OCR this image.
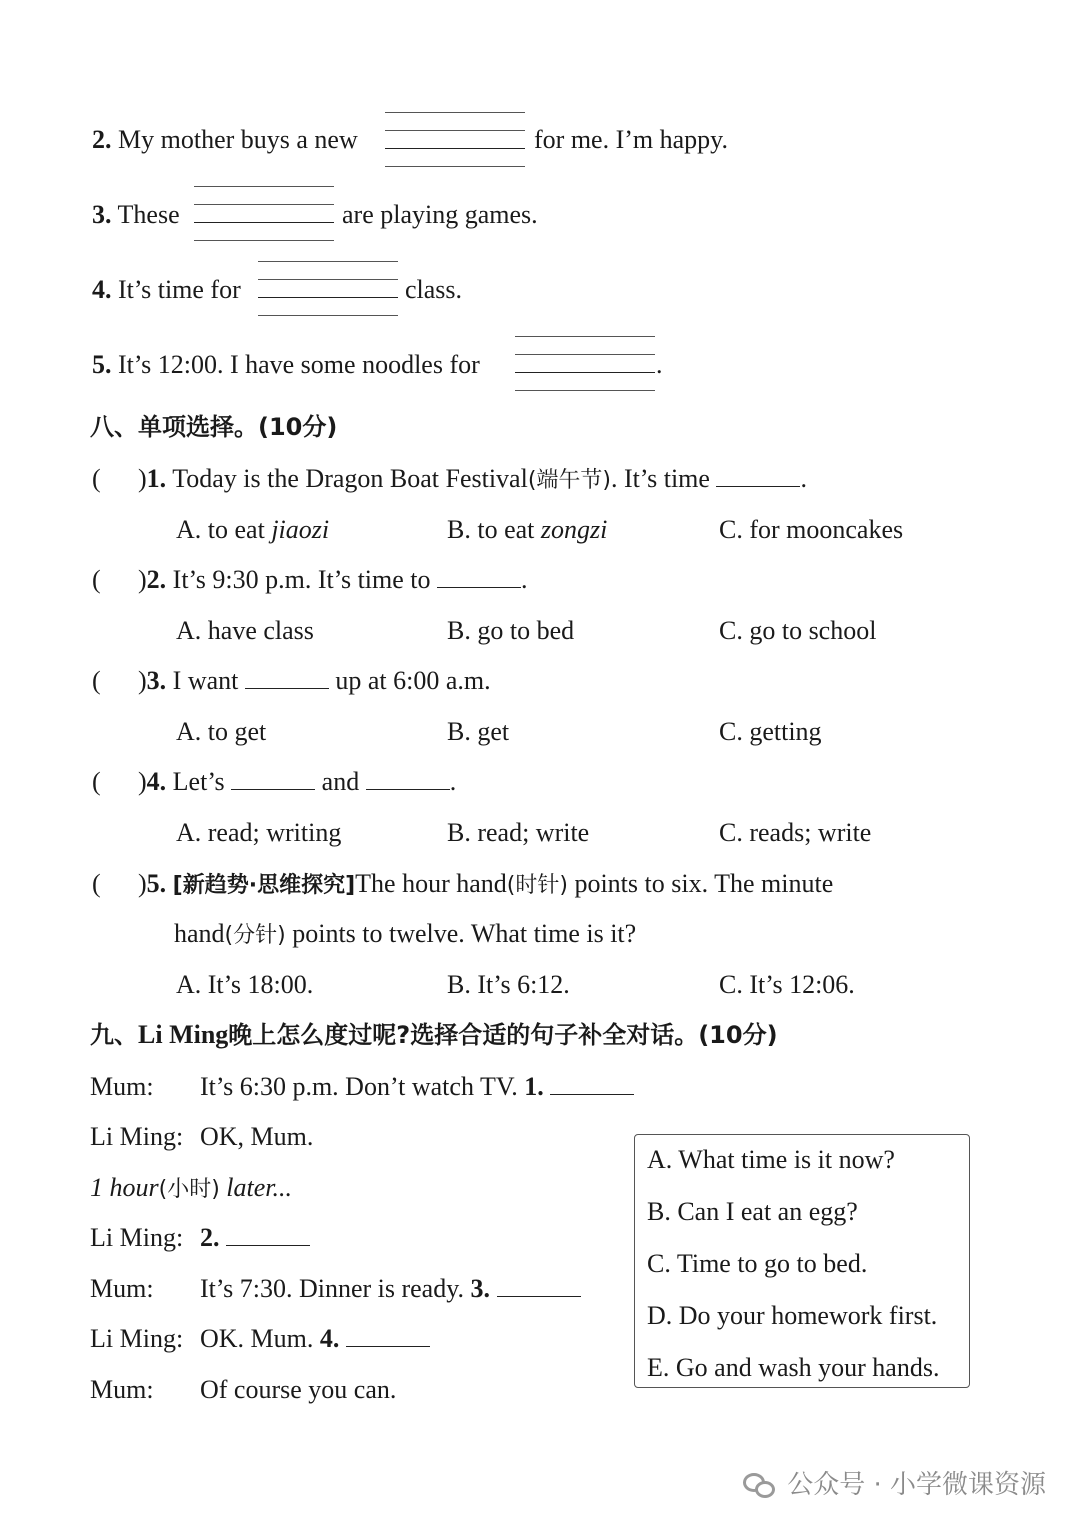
2. My mother buys a new	for me. I’m happy.
3. These	are playing games.
4. It’s time for	class.
5. It’s 12:00. I have some noodles for	.
八、单项选择。(10分)
( )1. Today is the Dragon Boat Festival(端午节). It’s time	.
A. to eat jiaozi	B. to eat zongzi	C. for mooncakes
( )2. It’s 9:30 p.m. It’s time to	.
A. have class	B. go to bed	C. go to school
( )3. I want	up at 6:00 a.m.
A. to get	B. get	C. getting
( )4. Let’s	and	.
A. read; writing	B. read; write	C. reads; write
( )5. [新趋势·思维探究]The hour hand(时针) points to six. The minute
hand(分针) points to twelve. What time is it?
A. It’s 18:00.	B. It’s 6:12.	C. It’s 12:06.
九、Li Ming晚上怎么度过呢?选择合适的句子补全对话。(10分)
Mum: It’s 6:30 p.m. Don’t watch TV. 1.
Li Ming: OK, Mum.
1 hour(小时) later...
Li Ming: 2.
Mum: It’s 7:30. Dinner is ready. 3.
Li Ming: OK. Mum. 4.
Mum: Of course you can.
A. What time is it now?
B. Can I eat an egg?
C. Time to go to bed.
D. Do your homework first.
E. Go and wash your hands.
公众号 · 小学微课资源
